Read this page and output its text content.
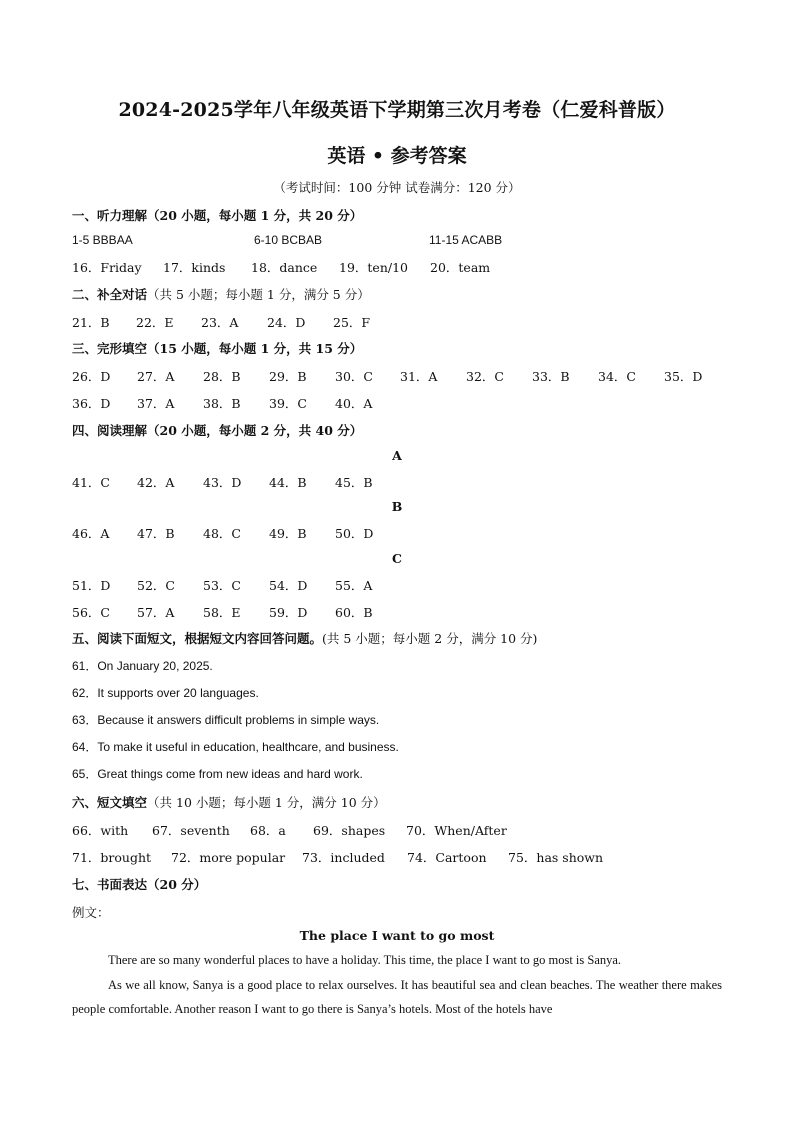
2024-2025学年八年级英语下学期第三次月考卷（仁爱科普版）
英语 • 参考答案
（考试时间：100 分钟 试卷满分：120 分）
一、听力理解（20 小题，每小题 1 分，共 20 分）
1-5 BBBAA	6-10 BCBAB	11-15 ACABB
16．Friday 17．kinds 18．dance 19．ten/10 20．team
二、补全对话（共 5 小题；每小题 1 分，满分 5 分）
21．B 22．E 23．A 24．D 25．F
三、完形填空（15 小题，每小题 1 分，共 15 分）
26．D 27．A 28．B 29．B 30．C 31．A 32．C 33．B 34．C 35．D
36．D 37．A 38．B 39．C 40．A
四、阅读理解（20 小题，每小题 2 分，共 40 分）
A
41．C 42．A 43．D 44．B 45．B
B
46．A 47．B 48．C 49．B 50．D
C
51．D 52．C 53．C 54．D 55．A
56．C 57．A 58．E 59．D 60．B
五、阅读下面短文，根据短文内容回答问题。(共 5 小题；每小题 2 分，满分 10 分)
61．On January 20, 2025.
62．It supports over 20 languages.
63．Because it answers difficult problems in simple ways.
64．To make it useful in education, healthcare, and business.
65．Great things come from new ideas and hard work.
六、短文填空（共 10 小题；每小题 1 分，满分 10 分）
66．with 67．seventh 68．a 69．shapes 70．When/After
71．brought 72．more popular 73．included 74．Cartoon 75．has shown
七、书面表达（20 分）
例文：
The place I want to go most
There are so many wonderful places to have a holiday. This time, the place I want to go most is Sanya.
As we all know, Sanya is a good place to relax ourselves. It has beautiful sea and clean beaches. The weather there makes people comfortable. Another reason I want to go there is Sanya’s hotels. Most of the hotels have
